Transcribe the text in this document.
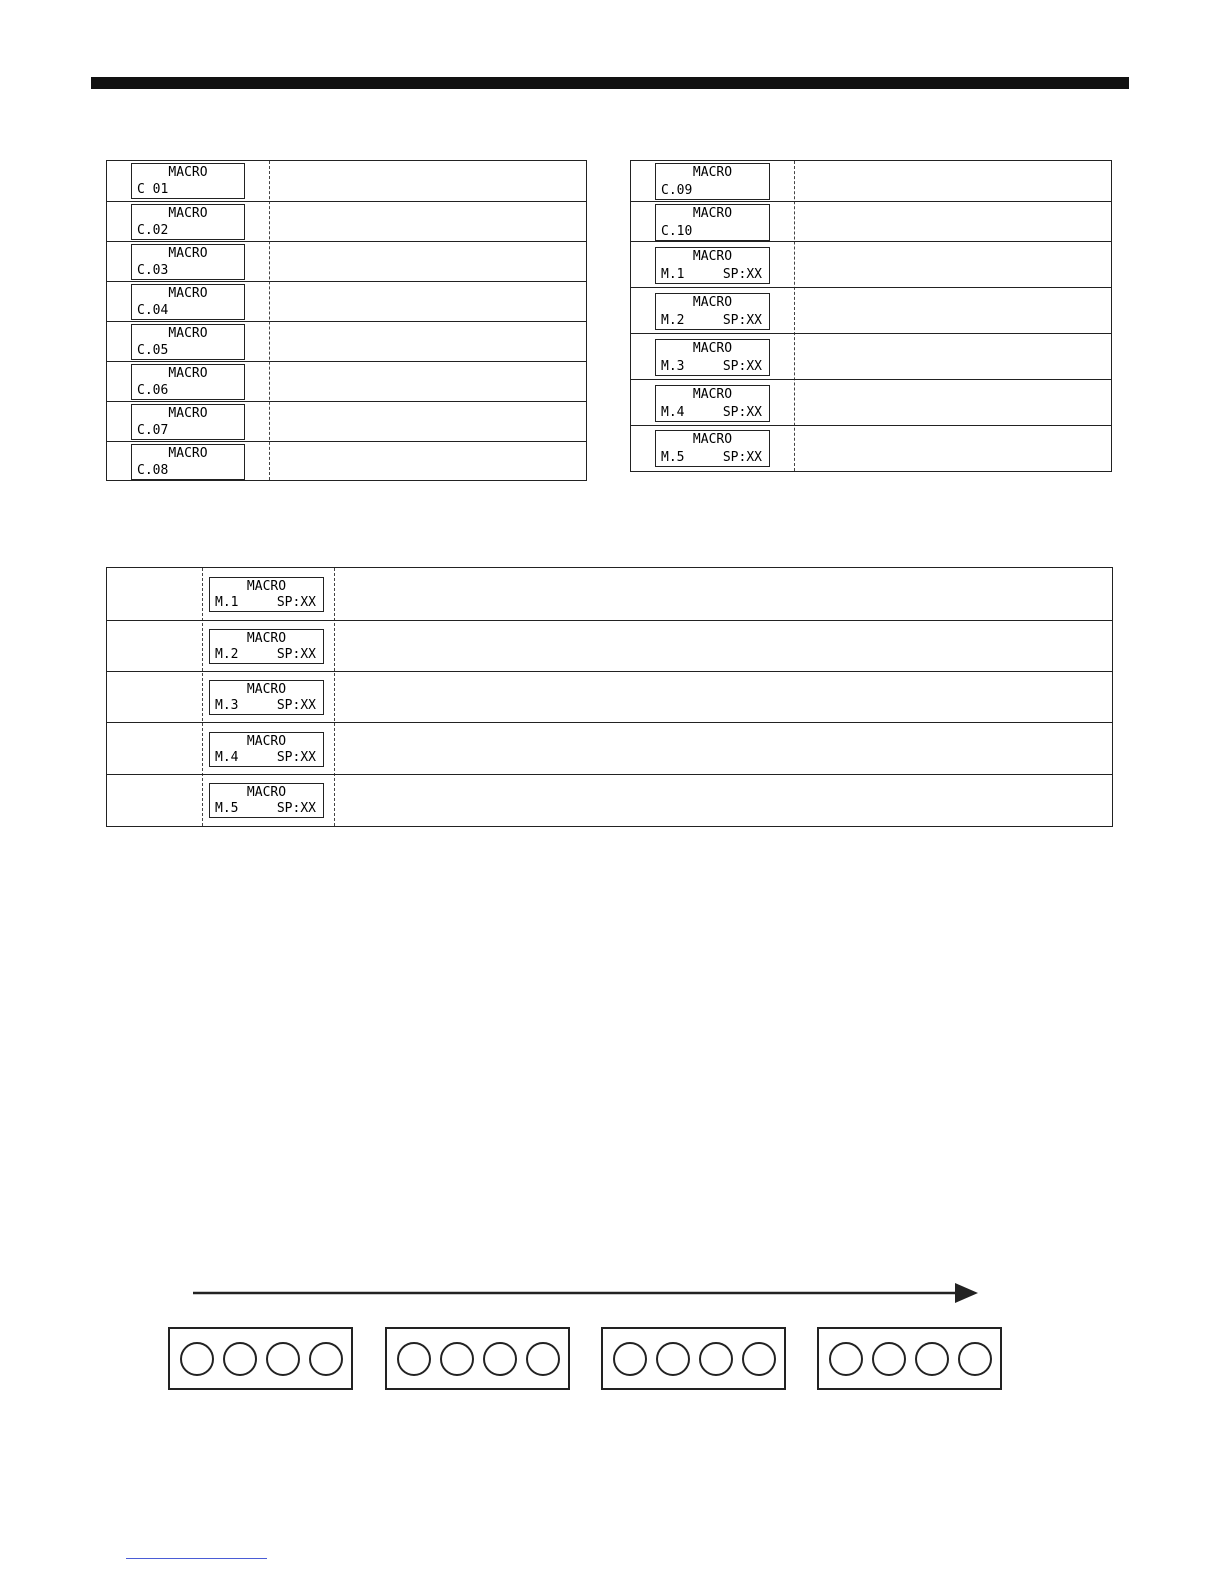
MACRO
C 01
MACRO
C.02
MACRO
C.03
MACRO
C.04
MACRO
C.05
MACRO
C.06
MACRO
C.07
MACRO
C.08
MACRO
C.09
MACRO
C.10
MACRO
M.1	SP:XX
MACRO
M.2	SP:XX
MACRO
M.3	SP:XX
MACRO
M.4	SP:XX
MACRO
M.5	SP:XX
MACRO
M.1	SP:XX
MACRO
M.2	SP:XX
MACRO
M.3	SP:XX
MACRO
M.4	SP:XX
MACRO
M.5	SP:XX
